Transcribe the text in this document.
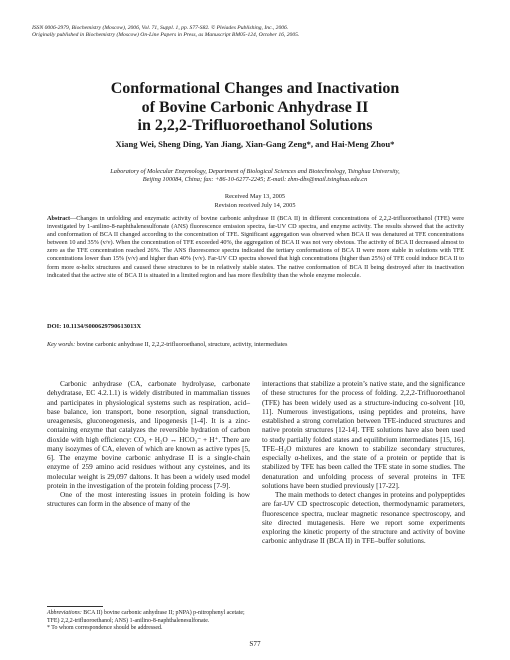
ISSN 0006-2979, Biochemistry (Moscow), 2006, Vol. 71, Suppl. 1, pp. S77-S82. © Pleiades Publishing, Inc., 2006.
Originally published in Biochemistry (Moscow) On-Line Papers in Press, as Manuscript BM05-124, October 16, 2005.
Conformational Changes and Inactivation
of Bovine Carbonic Anhydrase II
in 2,2,2-Trifluoroethanol Solutions
Xiang Wei, Sheng Ding, Yan Jiang, Xian-Gang Zeng*, and Hai-Meng Zhou*
Laboratory of Molecular Enzymology, Department of Biological Sciences and Biotechnology, Tsinghua University,
Beijing 100084, China; fax: +86-10-6277-2245; E-mail: zhm-dbs@mail.tsinghua.edu.cn
Received May 13, 2005
Revision received July 14, 2005
Abstract—Changes in unfolding and enzymatic activity of bovine carbonic anhydrase II (BCA II) in different concentrations of 2,2,2-trifluoroethanol (TFE) were investigated by 1-anilino-8-naphthalenesulfonate (ANS) fluorescence emission spectra, far-UV CD spectra, and enzyme activity. The results showed that the activity and conformation of BCA II changed according to the concentration of TFE. Significant aggregation was observed when BCA II was denatured at TFE concentrations between 10 and 35% (v/v). When the concentration of TFE exceeded 40%, the aggregation of BCA II was not very obvious. The activity of BCA II decreased almost to zero as the TFE concentration reached 26%. The ANS fluorescence spectra indicated the tertiary conformations of BCA II were more stable in solutions with TFE concentrations lower than 15% (v/v) and higher than 40% (v/v). Far-UV CD spectra showed that high concentrations (higher than 25%) of TFE could induce BCA II to form more α-helix structures and caused these structures to be in relatively stable states. The native conformation of BCA II being destroyed after its inactivation indicated that the active site of BCA II is situated in a limited region and has more flexibility than the whole enzyme molecule.
DOI: 10.1134/S000629790613013X
Key words: bovine carbonic anhydrase II, 2,2,2-trifluoroethanol, structure, activity, intermediates

Carbonic anhydrase (CA, carbonate hydrolyase, carbonate dehydratase, EC 4.2.1.1) is widely distributed in mammalian tissues and participates in physiological systems such as respiration, acid–base balance, ion transport, bone resorption, signal transduction, ureagenesis, gluconeogenesis, and lipogenesis [1-4]. It is a zinc-containing enzyme that catalyzes the reversible hydration of carbon dioxide with high efficiency: CO₂ + H₂O ↔ HCO₃⁻ + H⁺. There are many isozymes of CA, eleven of which are known as active types [5, 6]. The enzyme bovine carbonic anhydrase II is a single-chain enzyme of 259 amino acid residues without any cysteines, and its molecular weight is 29,097 daltons. It has been a widely used model protein in the investigation of the protein folding process [7-9].

One of the most interesting issues in protein folding is how structures can form in the absence of many of the

interactions that stabilize a protein’s native state, and the significance of these structures for the process of folding. 2,2,2-Trifluoroethanol (TFE) has been widely used as a structure-inducing co-solvent [10, 11]. Numerous investigations, using peptides and proteins, have established a strong correlation between TFE-induced structures and native protein structures [12-14]. TFE solutions have also been used to study partially folded states and equilibrium intermediates [15, 16]. TFE–H₂O mixtures are known to stabilize secondary structures, especially α-helixes, and the state of a protein or peptide that is stabilized by TFE has been called the TFE state in some studies. The denaturation and unfolding process of several proteins in TFE solutions have been studied previously [17-22].

The main methods to detect changes in proteins and polypeptides are far-UV CD spectroscopic detection, thermodynamic parameters, fluorescence spectra, nuclear magnetic resonance spectroscopy, and site directed mutagenesis. Here we report some experiments exploring the kinetic property of the structure and activity of bovine carbonic anhydrase II (BCA II) in TFE–buffer solutions.

Abbreviations: BCA II) bovine carbonic anhydrase II; pNPA) p-nitrophenyl acetate; TFE) 2,2,2-trifluoroethanol; ANS) 1-anilino-8-naphthalenesulfonate.
* To whom correspondence should be addressed.
S77
